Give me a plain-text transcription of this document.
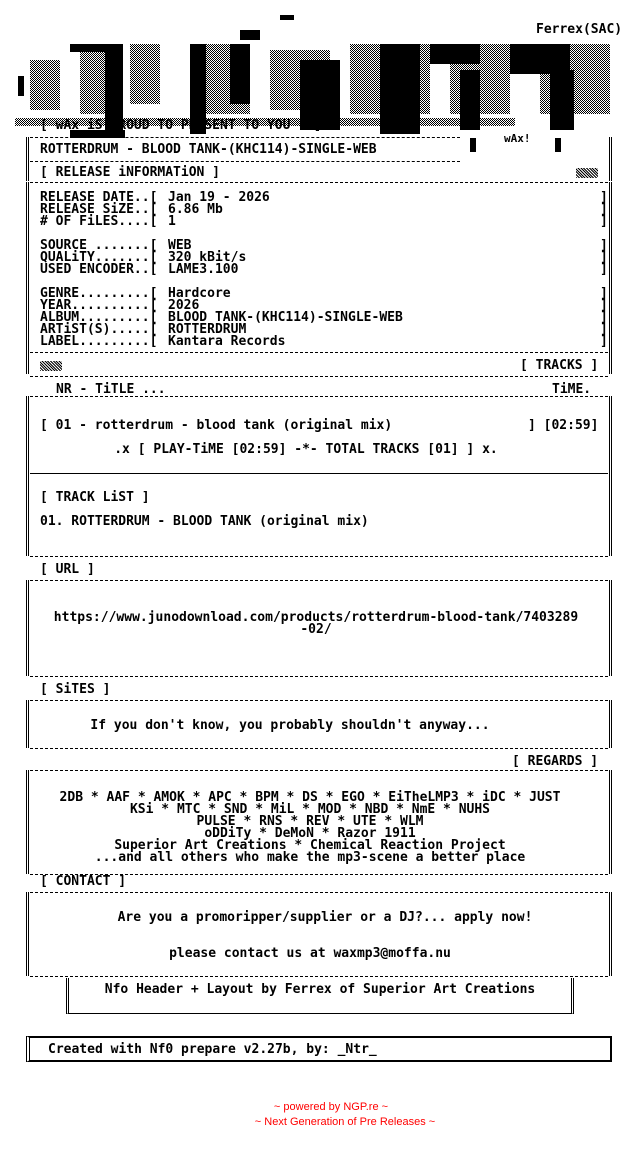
wAx!
Ferrex(SAC)
[ wAx iS PROUD TO PRESENT TO YOU ..]
ROTTERDRUM - BLOOD TANK-(KHC114)-SINGLE-WEB
[ RELEASE iNFORMATiON ]
RELEASE DATE..[ Jan 19 - 2026	]
RELEASE SiZE..[ 6.86 Mb	]
# OF FiLES....[ 1	]
SOURCE .......[ WEB	]
QUALiTY.......[ 320 kBit/s	]
USED ENCODER..[ LAME3.100	]
GENRE.........[ Hardcore	]
YEAR..........[ 2026	]
ALBUM.........[ BLOOD TANK-(KHC114)-SINGLE-WEB	]
ARTiST(S).....[ ROTTERDRUM	]
LABEL.........[ Kantara Records	]
[ TRACKS ]
NR - TiTLE ...	TiME.
[ 01 - rotterdrum - blood tank (original mix)	] [02:59]
.x [ PLAY-TiME [02:59] -*- TOTAL TRACKS [01] ] x.
[ TRACK LiST ]
01. ROTTERDRUM - BLOOD TANK (original mix)
[ URL ]
https://www.junodownload.com/products/rotterdrum-blood-tank/7403289
-02/
[ SiTES ]
If you don't know, you probably shouldn't anyway...
[ REGARDS ]
2DB * AAF * AMOK * APC * BPM * DS * EGO * EiTheLMP3 * iDC * JUST
KSi * MTC * SND * MiL * MOD * NBD * NmE * NUHS
PULSE * RNS * REV * UTE * WLM
oDDiTy * DeMoN * Razor 1911
Superior Art Creations * Chemical Reaction Project
...and all others who make the mp3-scene a better place
[ CONTACT ]
Are you a promoripper/supplier or a DJ?... apply now!
please contact us at waxmp3@moffa.nu
Nfo Header + Layout by Ferrex of Superior Art Creations
Created with Nf0 prepare v2.27b, by: _Ntr_
~ powered by NGP.re ~
~ Next Generation of Pre Releases ~
